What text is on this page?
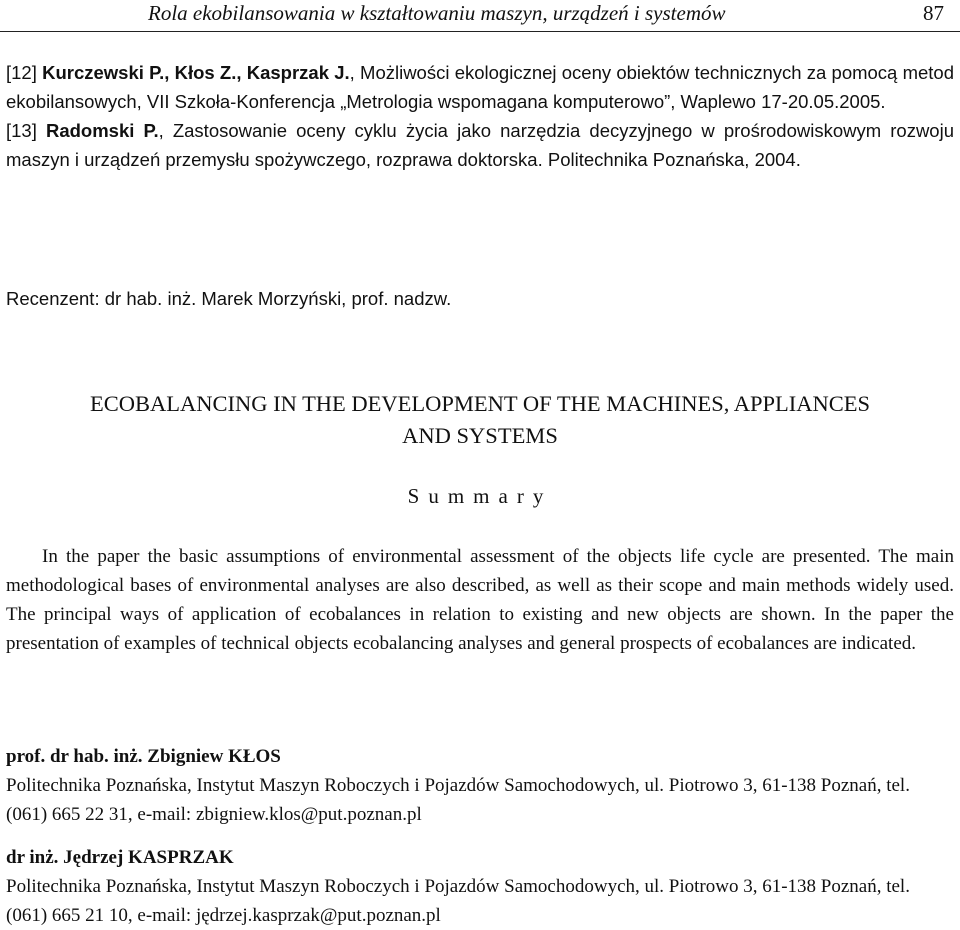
Rola ekobilansowania w kształtowaniu maszyn, urządzeń i systemów	87

[12] Kurczewski P., Kłos Z., Kasprzak J., Możliwości ekologicznej oceny obiektów technicznych za pomocą metod ekobilansowych, VII Szkoła-Konferencja „Metrologia wspomagana komputerowo”, Waplewo 17-20.05.2005.

[13] Radomski P., Zastosowanie oceny cyklu życia jako narzędzia decyzyjnego w prośrodowiskowym rozwoju maszyn i urządzeń przemysłu spożywczego, rozprawa doktorska. Politechnika Poznańska, 2004.

Recenzent: dr hab. inż. Marek Morzyński, prof. nadzw.
ECOBALANCING IN THE DEVELOPMENT OF THE MACHINES, APPLIANCES
AND SYSTEMS
Summary
In the paper the basic assumptions of environmental assessment of the objects life cycle are presented. The main methodological bases of environmental analyses are also described, as well as their scope and main methods widely used. The principal ways of application of ecobalances in relation to existing and new objects are shown. In the paper the presentation of examples of technical objects ecobalancing analyses and general prospects of ecobalances are indicated.
prof. dr hab. inż. Zbigniew KŁOS
Politechnika Poznańska, Instytut Maszyn Roboczych i Pojazdów Samochodowych, ul. Piotrowo 3, 61-138 Poznań, tel. (061) 665 22 31, e-mail: zbigniew.klos@put.poznan.pl
dr inż. Jędrzej KASPRZAK
Politechnika Poznańska, Instytut Maszyn Roboczych i Pojazdów Samochodowych, ul. Piotrowo 3, 61-138 Poznań, tel. (061) 665 21 10, e-mail: jędrzej.kasprzak@put.poznan.pl
